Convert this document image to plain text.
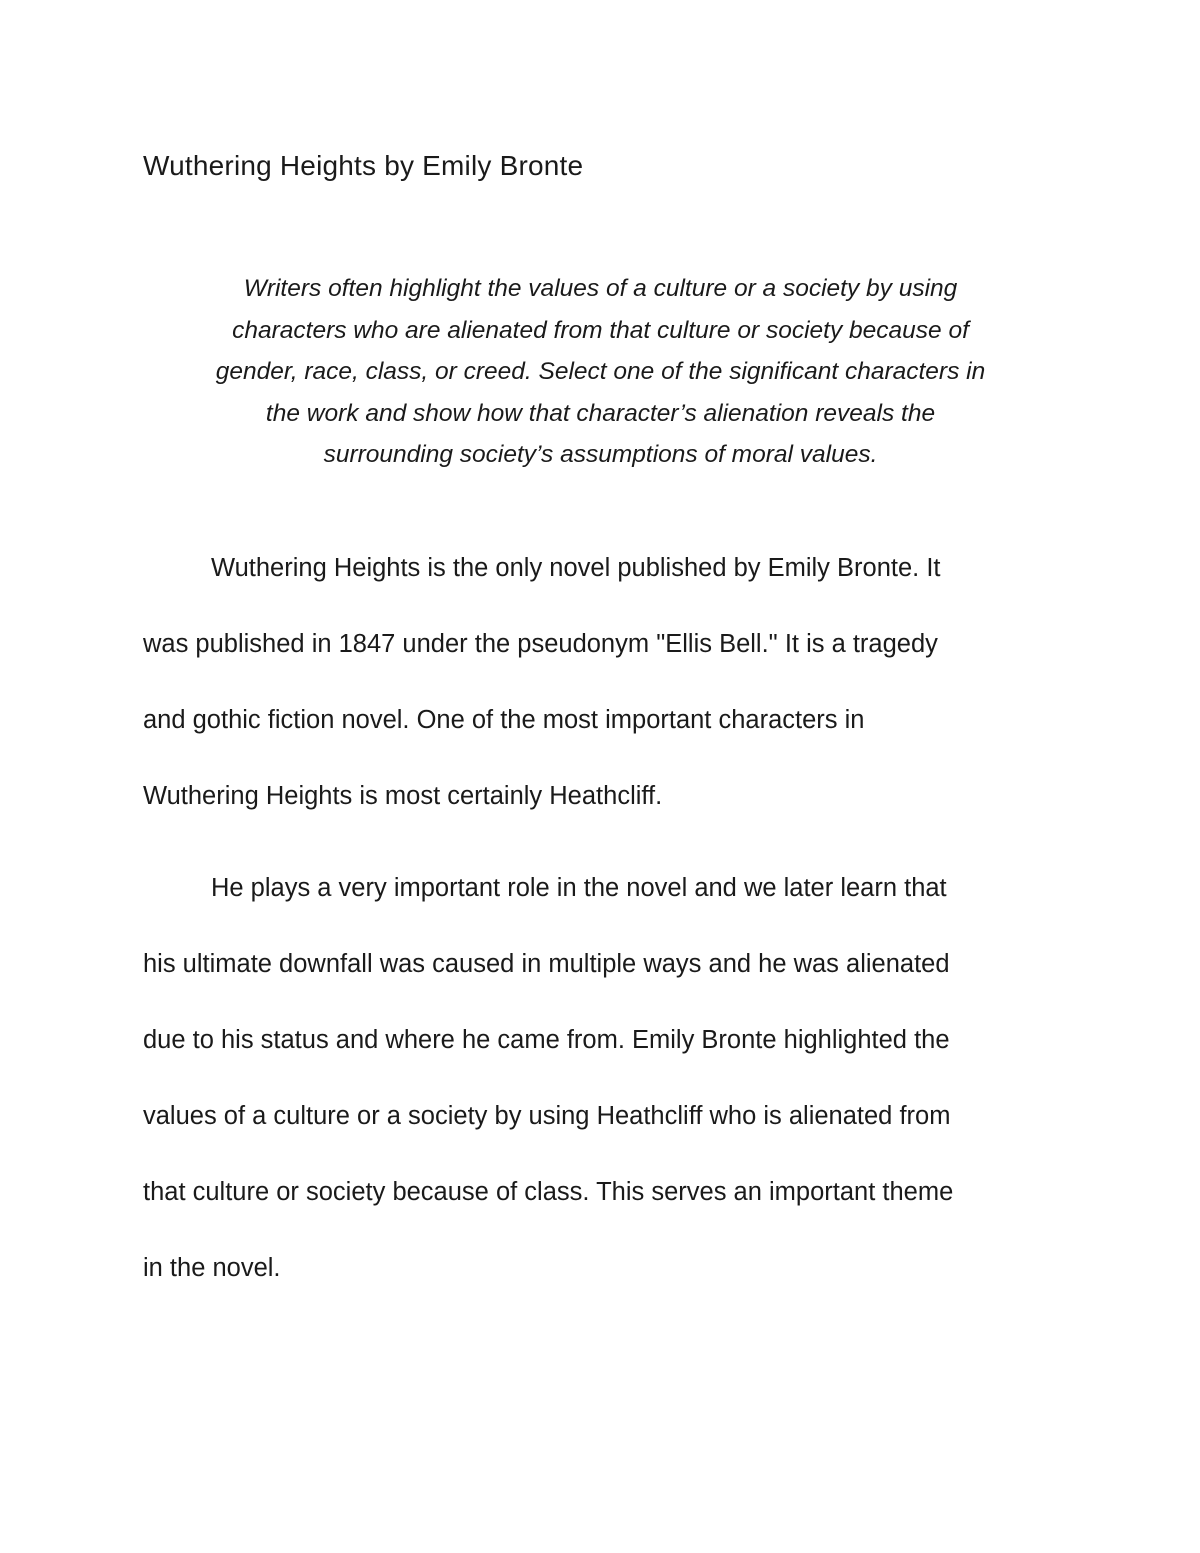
Wuthering Heights by Emily Bronte

Writers often highlight the values of a culture or a society by using
characters who are alienated from that culture or society because of
gender, race, class, or creed. Select one of the significant characters in
the work and show how that character’s alienation reveals the
surrounding society’s assumptions of moral values.

Wuthering Heights is the only novel published by Emily Bronte. It
was published in 1847 under the pseudonym "Ellis Bell." It is a tragedy
and gothic fiction novel. One of the most important characters in
Wuthering Heights is most certainly Heathcliff.

He plays a very important role in the novel and we later learn that
his ultimate downfall was caused in multiple ways and he was alienated
due to his status and where he came from. Emily Bronte highlighted the
values of a culture or a society by using Heathcliff who is alienated from
that culture or society because of class. This serves an important theme
in the novel.
